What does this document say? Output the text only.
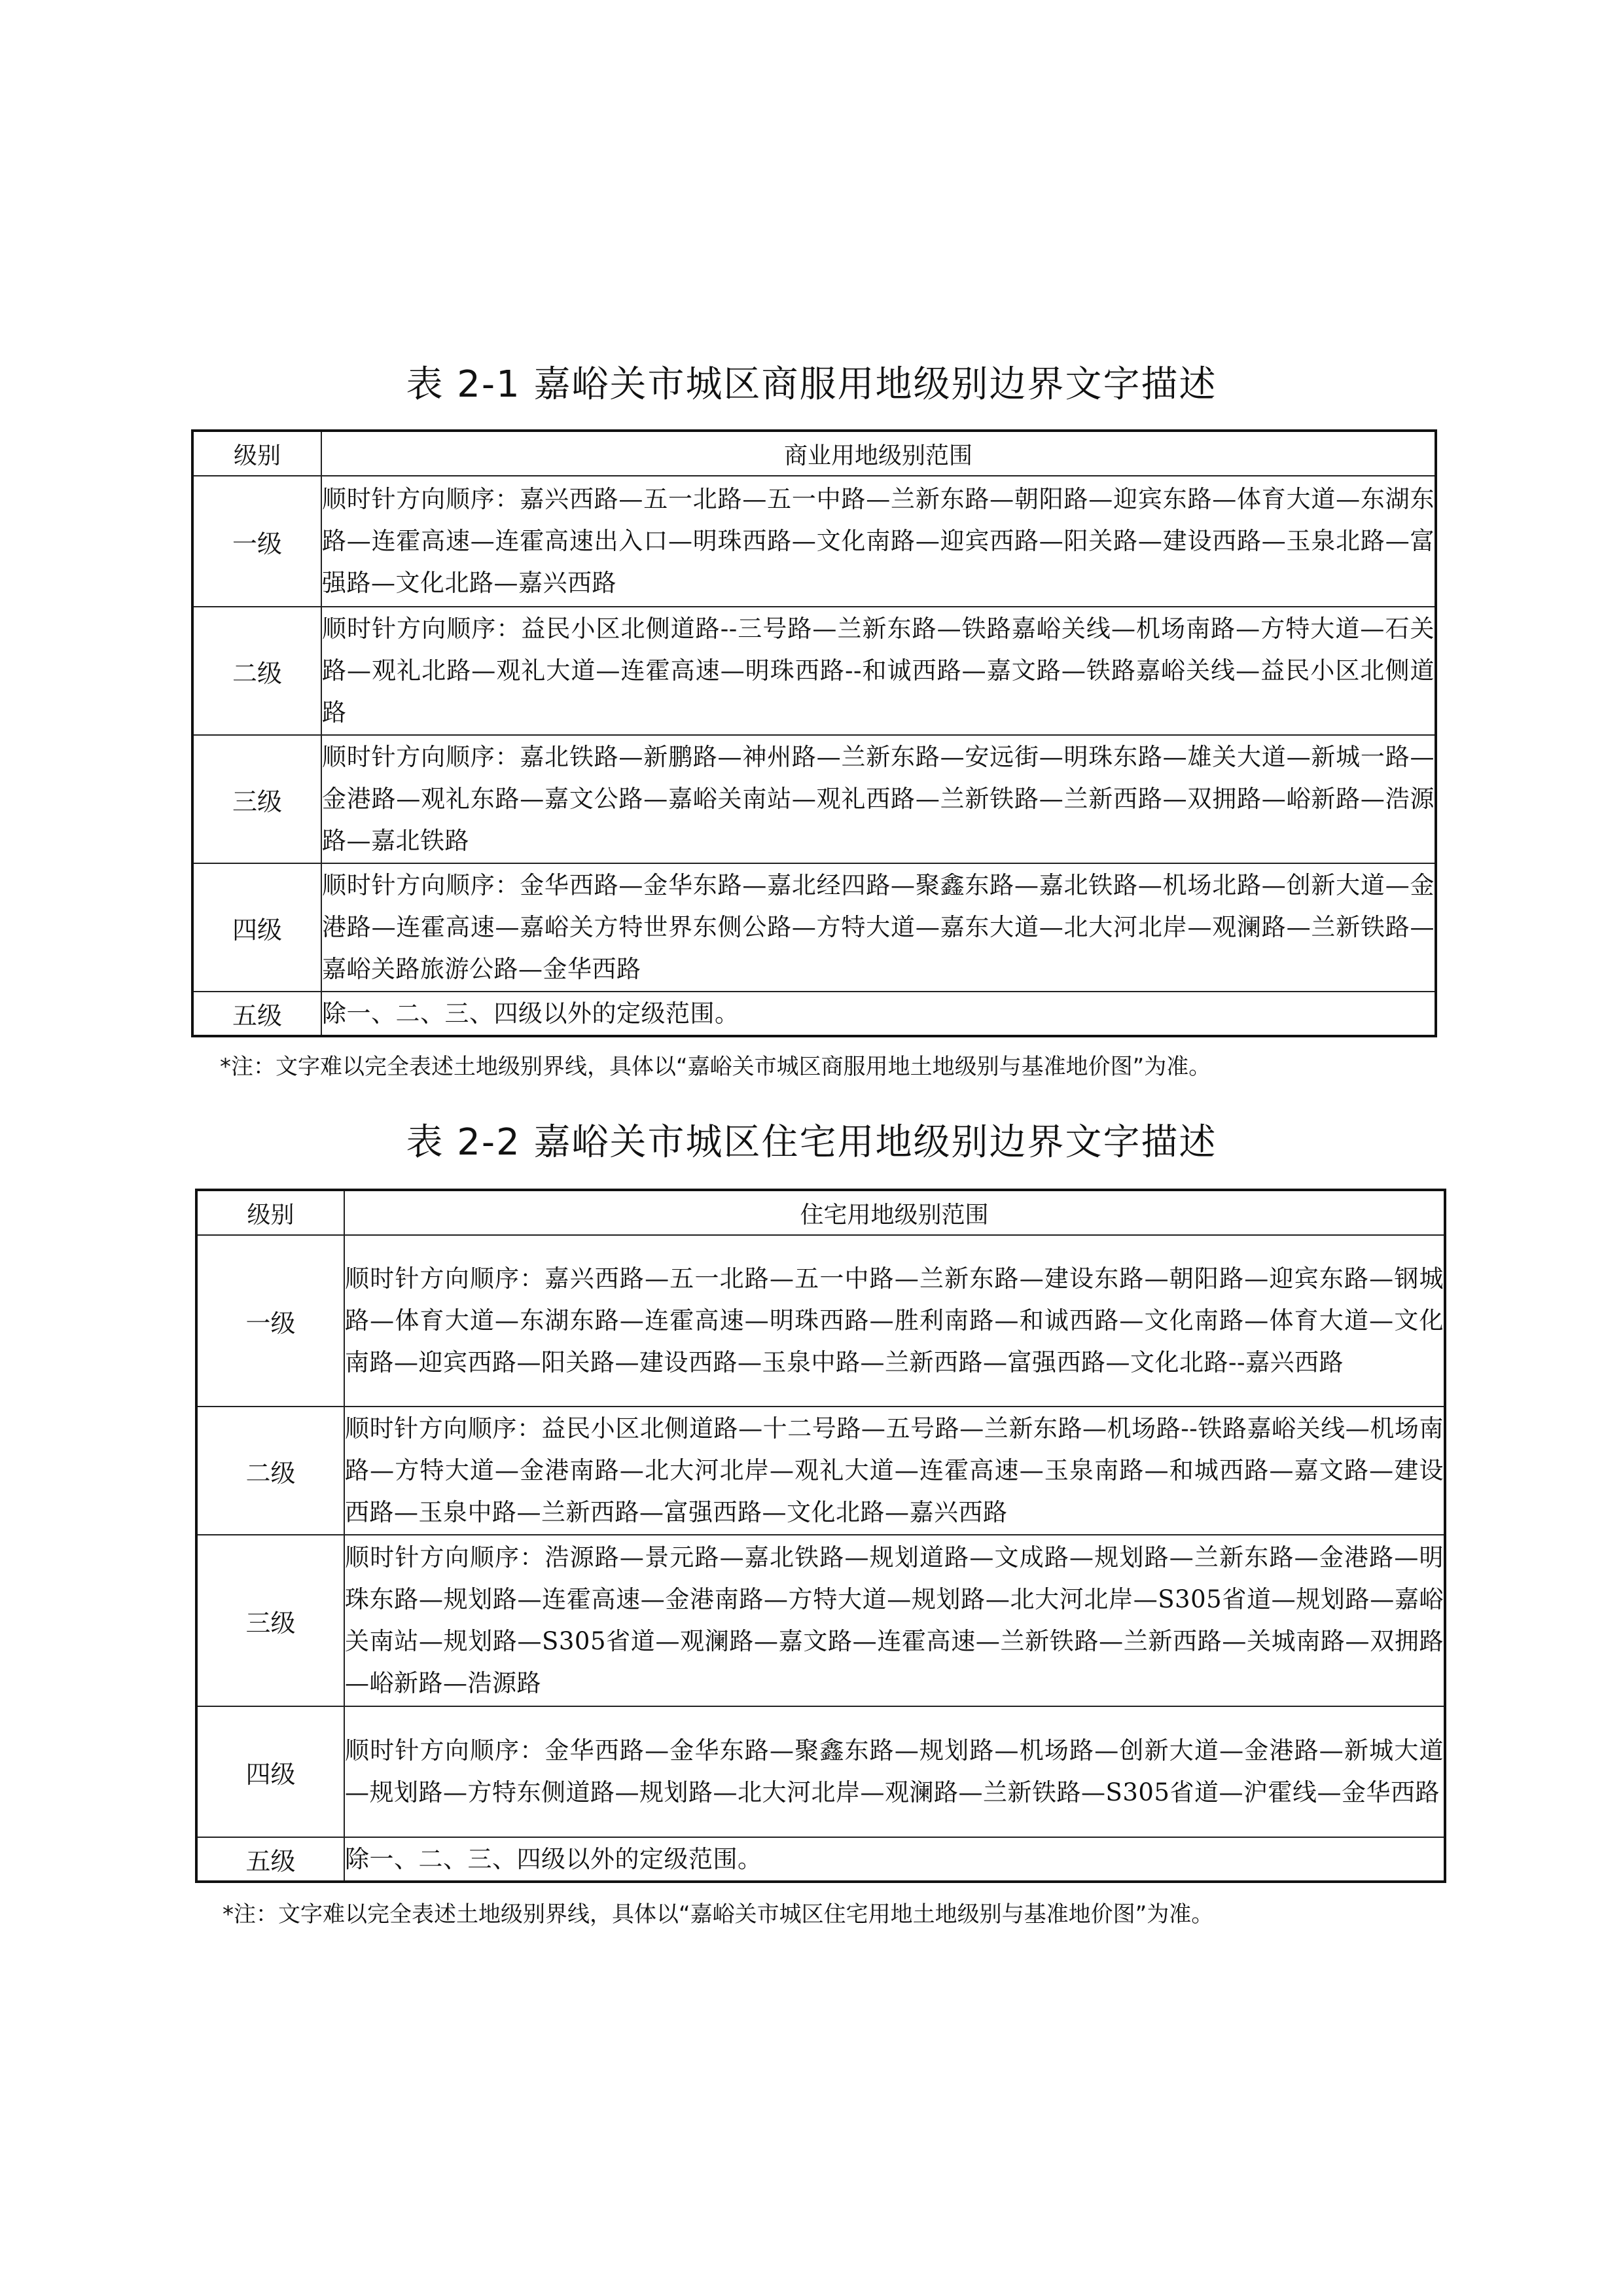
表 2-1 嘉峪关市城区商服用地级别边界文字描述
级别	商业用地级别范围
一级	顺时针方向顺序：嘉兴西路—五一北路—五一中路—兰新东路—朝阳路—迎宾东路—体育大道—东湖东路—连霍高速—连霍高速出入口—明珠西路—文化南路—迎宾西路—阳关路—建设西路—玉泉北路—富强路—文化北路—嘉兴西路
二级	顺时针方向顺序：益民小区北侧道路--三号路—兰新东路—铁路嘉峪关线—机场南路—方特大道—石关路—观礼北路—观礼大道—连霍高速—明珠西路--和诚西路—嘉文路—铁路嘉峪关线—益民小区北侧道路
三级	顺时针方向顺序：嘉北铁路—新鹏路—神州路—兰新东路—安远街—明珠东路—雄关大道—新城一路—金港路—观礼东路—嘉文公路—嘉峪关南站—观礼西路—兰新铁路—兰新西路—双拥路—峪新路—浩源路—嘉北铁路
四级	顺时针方向顺序：金华西路—金华东路—嘉北经四路—聚鑫东路—嘉北铁路—机场北路—创新大道—金港路—连霍高速—嘉峪关方特世界东侧公路—方特大道—嘉东大道—北大河北岸—观澜路—兰新铁路—嘉峪关路旅游公路—金华西路
五级	除一、二、三、四级以外的定级范围。
*注：文字难以完全表述土地级别界线，具体以“嘉峪关市城区商服用地土地级别与基准地价图”为准。
表 2-2 嘉峪关市城区住宅用地级别边界文字描述
级别	住宅用地级别范围
一级	顺时针方向顺序：嘉兴西路—五一北路—五一中路—兰新东路—建设东路—朝阳路—迎宾东路—钢城路—体育大道—东湖东路—连霍高速—明珠西路—胜利南路—和诚西路—文化南路—体育大道—文化南路—迎宾西路—阳关路—建设西路—玉泉中路—兰新西路—富强西路—文化北路--嘉兴西路
二级	顺时针方向顺序：益民小区北侧道路—十二号路—五号路—兰新东路—机场路--铁路嘉峪关线—机场南路—方特大道—金港南路—北大河北岸—观礼大道—连霍高速—玉泉南路—和城西路—嘉文路—建设西路—玉泉中路—兰新西路—富强西路—文化北路—嘉兴西路
三级	顺时针方向顺序：浩源路—景元路—嘉北铁路—规划道路—文成路—规划路—兰新东路—金港路—明珠东路—规划路—连霍高速—金港南路—方特大道—规划路—北大河北岸—S305省道—规划路—嘉峪关南站—规划路—S305省道—观澜路—嘉文路—连霍高速—兰新铁路—兰新西路—关城南路—双拥路—峪新路—浩源路
四级	顺时针方向顺序：金华西路—金华东路—聚鑫东路—规划路—机场路—创新大道—金港路—新城大道—规划路—方特东侧道路—规划路—北大河北岸—观澜路—兰新铁路—S305省道—沪霍线—金华西路
五级	除一、二、三、四级以外的定级范围。
*注：文字难以完全表述土地级别界线，具体以“嘉峪关市城区住宅用地土地级别与基准地价图”为准。
